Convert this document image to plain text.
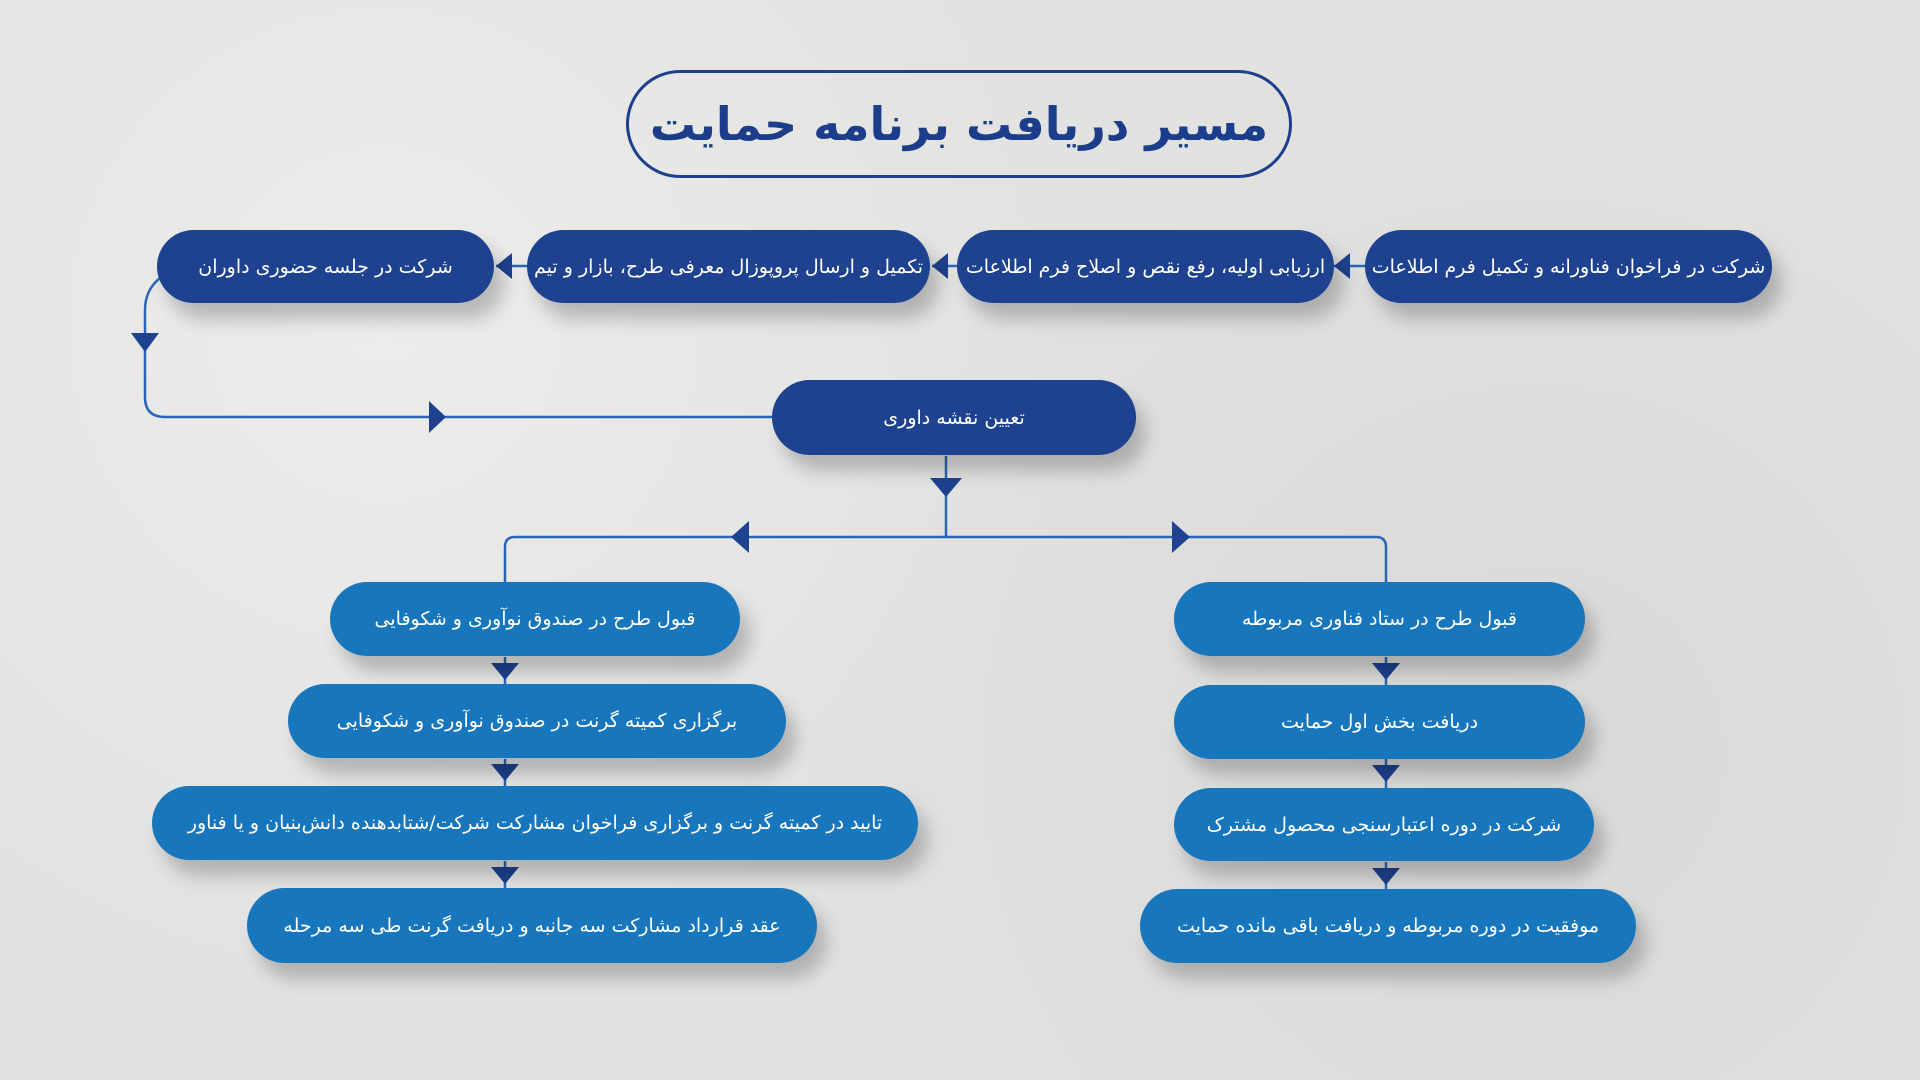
مسیر دریافت برنامه حمایت
شرکت در فراخوان فناورانه و تکمیل فرم اطلاعات
ارزیابی اولیه، رفع نقص و اصلاح فرم اطلاعات
تکمیل و ارسال پروپوزال معرفی طرح، بازار و تیم
شرکت در جلسه حضوری داوران
تعیین نقشه داوری
قبول طرح در ستاد فناوری مربوطه
دریافت بخش اول حمایت
شرکت در دوره اعتبارسنجی محصول مشترک
موفقیت در دوره مربوطه و دریافت باقی مانده حمایت
قبول طرح در صندوق نوآوری و شکوفایی
برگزاری کمیته گرنت در صندوق نوآوری و شکوفایی
تایید در کمیته گرنت و برگزاری فراخوان مشارکت شرکت/شتابدهنده دانش‌بنیان و یا فناور
عقد قرارداد مشارکت سه جانبه و دریافت گرنت طی سه مرحله
